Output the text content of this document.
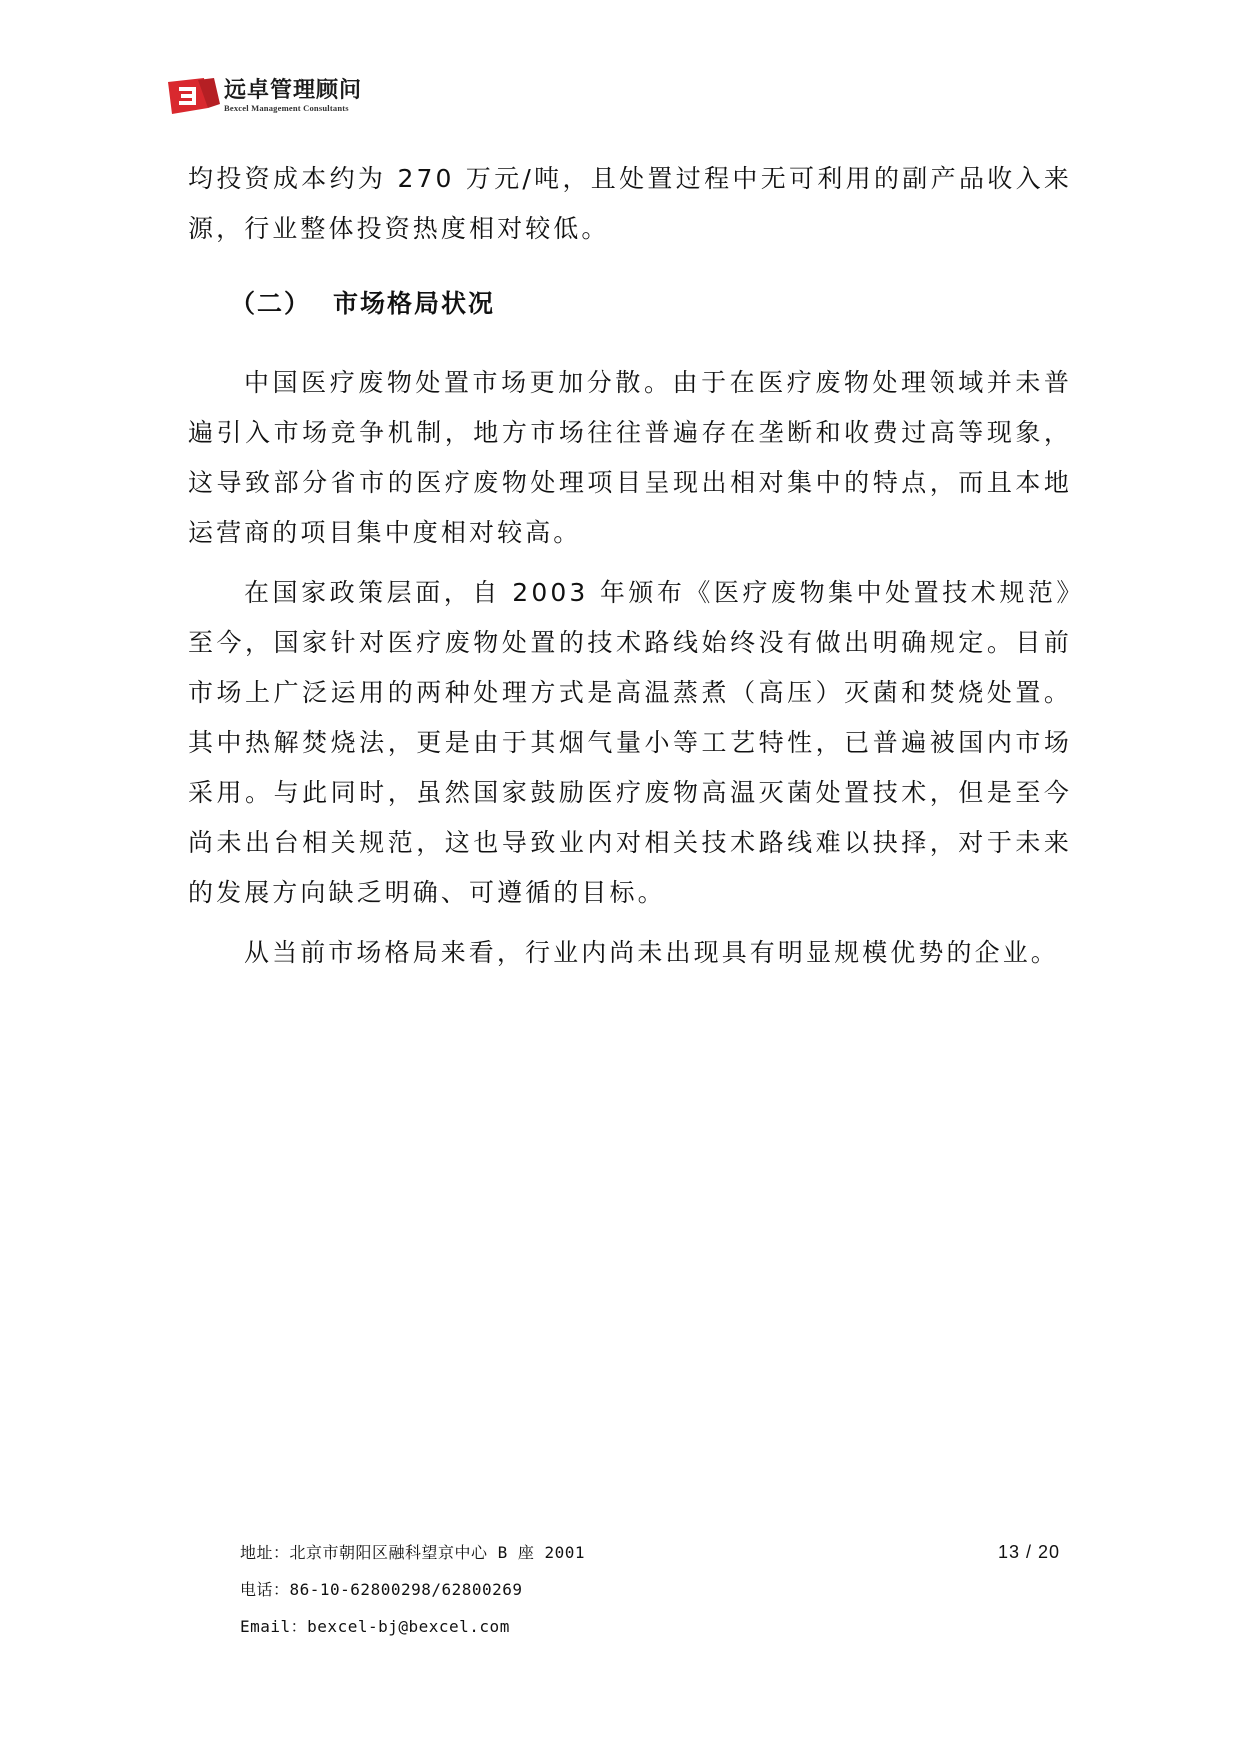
远卓管理顾问
Bexcel Management Consultants

均投资成本约为 270 万元/吨，且处置过程中无可利用的副产品收入来源，行业整体投资热度相对较低。

（二） 市场格局状况

中国医疗废物处置市场更加分散。由于在医疗废物处理领域并未普遍引入市场竞争机制，地方市场往往普遍存在垄断和收费过高等现象，这导致部分省市的医疗废物处理项目呈现出相对集中的特点，而且本地运营商的项目集中度相对较高。

在国家政策层面，自 2003 年颁布《医疗废物集中处置技术规范》至今，国家针对医疗废物处置的技术路线始终没有做出明确规定。目前市场上广泛运用的两种处理方式是高温蒸煮（高压）灭菌和焚烧处置。其中热解焚烧法，更是由于其烟气量小等工艺特性，已普遍被国内市场采用。与此同时，虽然国家鼓励医疗废物高温灭菌处置技术，但是至今尚未出台相关规范，这也导致业内对相关技术路线难以抉择，对于未来的发展方向缺乏明确、可遵循的目标。

从当前市场格局来看，行业内尚未出现具有明显规模优势的企业。

地址：北京市朝阳区融科望京中心 B 座 2001
电话：86-10-62800298/62800269
Email：bexcel-bj@bexcel.com
13 / 20
